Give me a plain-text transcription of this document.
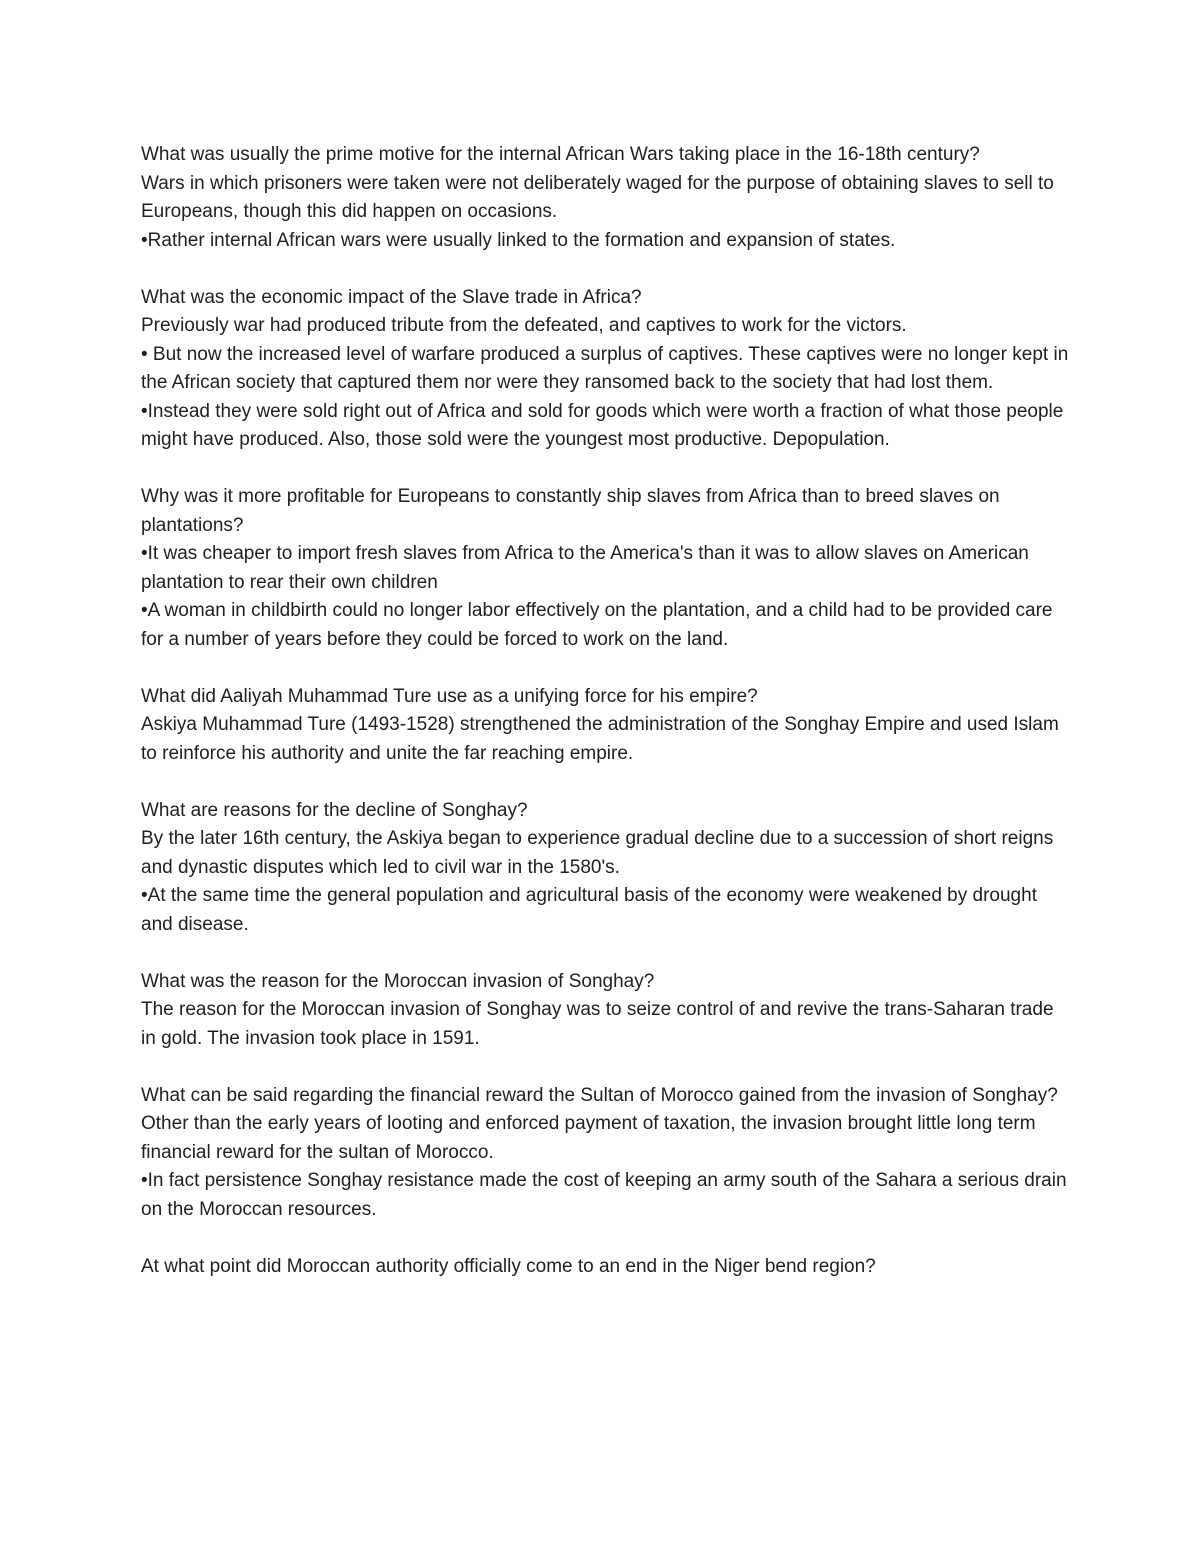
What was usually the prime motive for the internal African Wars taking place in the 16-18th century?

Wars in which prisoners were taken were not deliberately waged for the purpose of obtaining slaves to sell to Europeans, though this did happen on occasions.

•Rather internal African wars were usually linked to the formation and expansion of states.

What was the economic impact of the Slave trade in Africa?

Previously war had produced tribute from the defeated, and captives to work for the victors.

• But now the increased level of warfare produced a surplus of captives. These captives were no longer kept in the African society that captured them nor were they ransomed back to the society that had lost them.

•Instead they were sold right out of Africa and sold for goods which were worth a fraction of what those people might have produced. Also, those sold were the youngest most productive. Depopulation.

Why was it more profitable for Europeans to constantly ship slaves from Africa than to breed slaves on plantations?

•It was cheaper to import fresh slaves from Africa to the America's than it was to allow slaves on American plantation to rear their own children

•A woman in childbirth could no longer labor effectively on the plantation, and a child had to be provided care for a number of years before they could be forced to work on the land.

What did Aaliyah Muhammad Ture use as a unifying force for his empire?

Askiya Muhammad Ture (1493-1528) strengthened the administration of the Songhay Empire and used Islam to reinforce his authority and unite the far reaching empire.

What are reasons for the decline of Songhay?

By the later 16th century, the Askiya began to experience gradual decline due to a succession of short reigns and dynastic disputes which led to civil war in the 1580's.

•At the same time the general population and agricultural basis of the economy were weakened by drought and disease.

What was the reason for the Moroccan invasion of Songhay?

The reason for the Moroccan invasion of Songhay was to seize control of and revive the trans-Saharan trade in gold. The invasion took place in 1591.

What can be said regarding the financial reward the Sultan of Morocco gained from the invasion of Songhay?

Other than the early years of looting and enforced payment of taxation, the invasion brought little long term financial reward for the sultan of Morocco.

•In fact persistence Songhay resistance made the cost of keeping an army south of the Sahara a serious drain on the Moroccan resources.

At what point did Moroccan authority officially come to an end in the Niger bend region?
